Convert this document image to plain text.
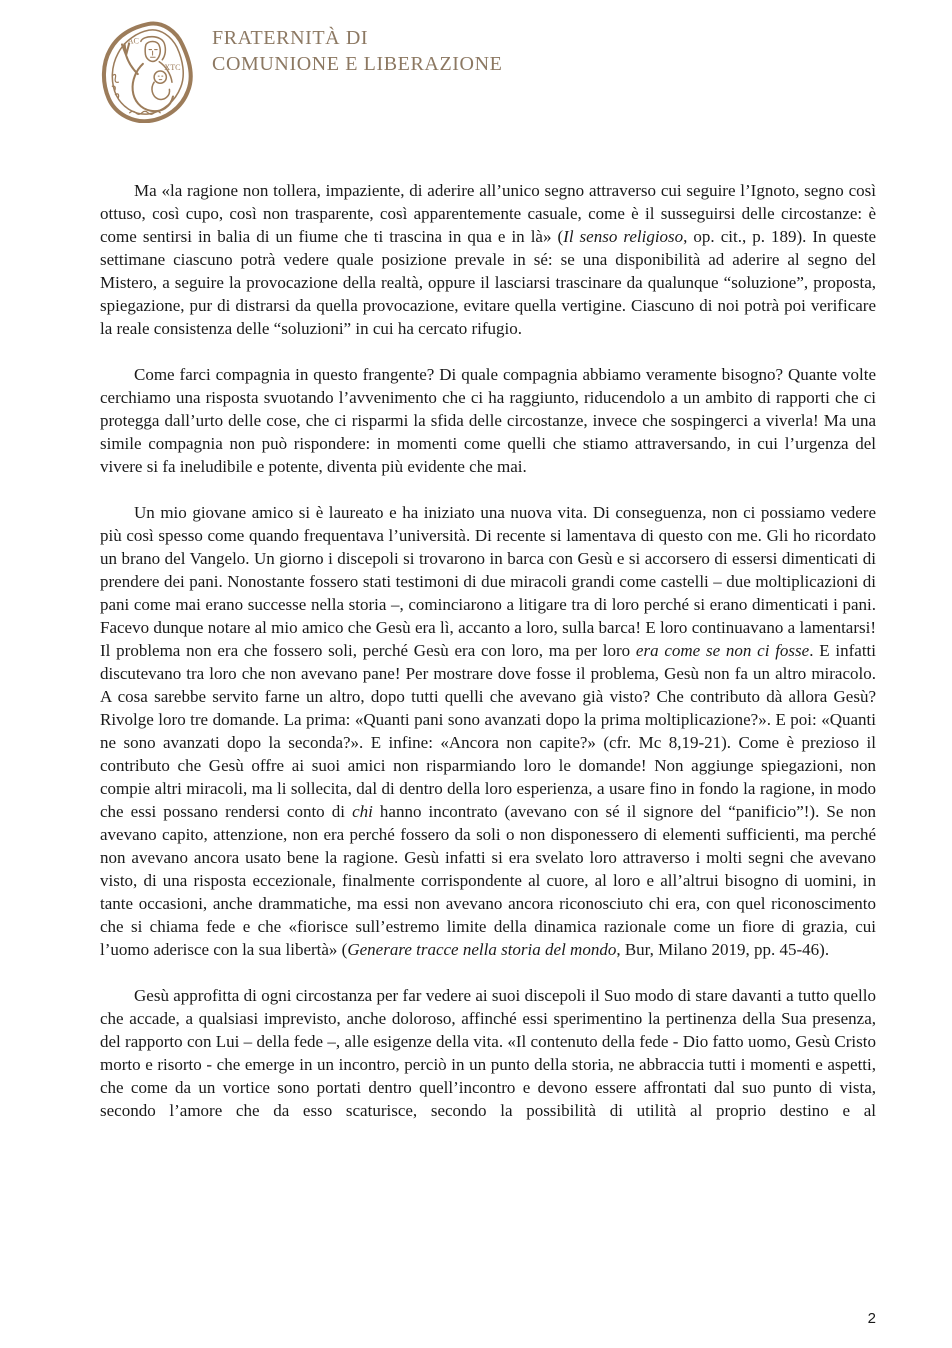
AC
XTC
FRATERNITÀ DI
COMUNIONE E LIBERAZIONE

Ma «la ragione non tollera, impaziente, di aderire all’unico segno attraverso cui seguire l’Ignoto, segno così ottuso, così cupo, così non trasparente, così apparentemente casuale, come è il susseguirsi delle circostanze: è come sentirsi in balia di un fiume che ti trascina in qua e in là» (Il senso religioso, op. cit., p. 189). In queste settimane ciascuno potrà vedere quale posizione prevale in sé: se una disponibilità ad aderire al segno del Mistero, a seguire la provocazione della realtà, oppure il lasciarsi trascinare da qualunque “soluzione”, proposta, spiegazione, pur di distrarsi da quella provocazione, evitare quella vertigine. Ciascuno di noi potrà poi verificare la reale consistenza delle “soluzioni” in cui ha cercato rifugio.

Come farci compagnia in questo frangente? Di quale compagnia abbiamo veramente bisogno? Quante volte cerchiamo una risposta svuotando l’avvenimento che ci ha raggiunto, riducendolo a un ambito di rapporti che ci protegga dall’urto delle cose, che ci risparmi la sfida delle circostanze, invece che sospingerci a viverla! Ma una simile compagnia non può rispondere: in momenti come quelli che stiamo attraversando, in cui l’urgenza del vivere si fa ineludibile e potente, diventa più evidente che mai.

Un mio giovane amico si è laureato e ha iniziato una nuova vita. Di conseguenza, non ci possiamo vedere più così spesso come quando frequentava l’università. Di recente si lamentava di questo con me. Gli ho ricordato un brano del Vangelo. Un giorno i discepoli si trovarono in barca con Gesù e si accorsero di essersi dimenticati di prendere dei pani. Nonostante fossero stati testimoni di due miracoli grandi come castelli – due moltiplicazioni di pani come mai erano successe nella storia –, cominciarono a litigare tra di loro perché si erano dimenticati i pani. Facevo dunque notare al mio amico che Gesù era lì, accanto a loro, sulla barca! E loro continuavano a lamentarsi! Il problema non era che fossero soli, perché Gesù era con loro, ma per loro era come se non ci fosse. E infatti discutevano tra loro che non avevano pane! Per mostrare dove fosse il problema, Gesù non fa un altro miracolo. A cosa sarebbe servito farne un altro, dopo tutti quelli che avevano già visto? Che contributo dà allora Gesù? Rivolge loro tre domande. La prima: «Quanti pani sono avanzati dopo la prima moltiplicazione?». E poi: «Quanti ne sono avanzati dopo la seconda?». E infine: «Ancora non capite?» (cfr. Mc 8,19-21). Come è prezioso il contributo che Gesù offre ai suoi amici non risparmiando loro le domande! Non aggiunge spiegazioni, non compie altri miracoli, ma li sollecita, dal di dentro della loro esperienza, a usare fino in fondo la ragione, in modo che essi possano rendersi conto di chi hanno incontrato (avevano con sé il signore del “panificio”!). Se non avevano capito, attenzione, non era perché fossero da soli o non disponessero di elementi sufficienti, ma perché non avevano ancora usato bene la ragione. Gesù infatti si era svelato loro attraverso i molti segni che avevano visto, di una risposta eccezionale, finalmente corrispondente al cuore, al loro e all’altrui bisogno di uomini, in tante occasioni, anche drammatiche, ma essi non avevano ancora riconosciuto chi era, con quel riconoscimento che si chiama fede e che «fiorisce sull’estremo limite della dinamica razionale come un fiore di grazia, cui l’uomo aderisce con la sua libertà» (Generare tracce nella storia del mondo, Bur, Milano 2019, pp. 45-46).

Gesù approfitta di ogni circostanza per far vedere ai suoi discepoli il Suo modo di stare davanti a tutto quello che accade, a qualsiasi imprevisto, anche doloroso, affinché essi sperimentino la pertinenza della Sua presenza, del rapporto con Lui – della fede –, alle esigenze della vita. «Il contenuto della fede - Dio fatto uomo, Gesù Cristo morto e risorto - che emerge in un incontro, perciò in un punto della storia, ne abbraccia tutti i momenti e aspetti, che come da un vortice sono portati dentro quell’incontro e devono essere affrontati dal suo punto di vista, secondo l’amore che da esso scaturisce, secondo la possibilità di utilità al proprio destino e al

2
